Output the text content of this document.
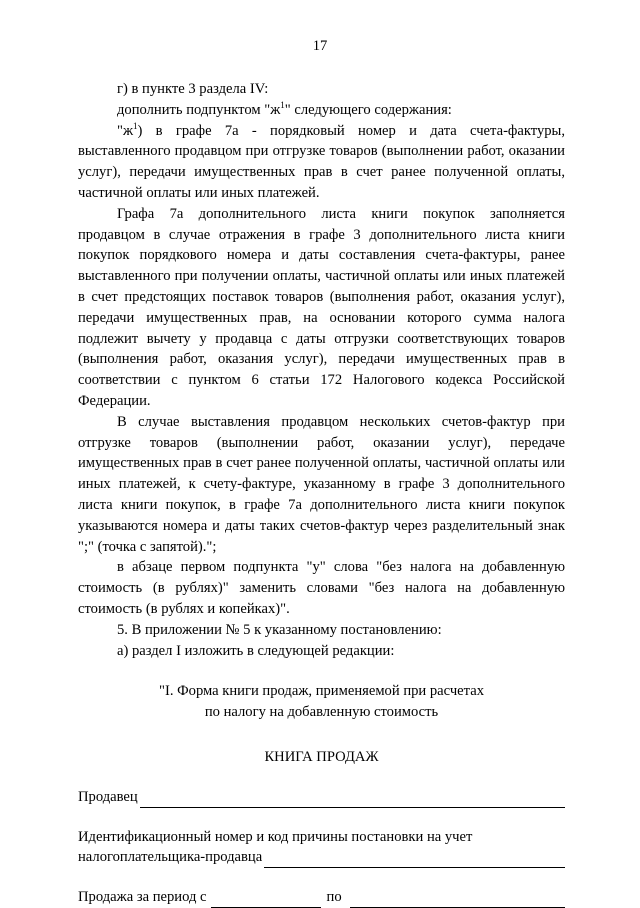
17

г) в пункте 3 раздела IV:

дополнить подпунктом "$ж^1$" следующего содержания:

"$ж^1$) в графе 7а - порядковый номер и дата счета-фактуры, выставленного продавцом при отгрузке товаров (выполнении работ, оказании услуг), передачи имущественных прав в счет ранее полученной оплаты, частичной оплаты или иных платежей.

Графа 7а дополнительного листа книги покупок заполняется продавцом в случае отражения в графе 3 дополнительного листа книги покупок порядкового номера и даты составления счета-фактуры, ранее выставленного при получении оплаты, частичной оплаты или иных платежей в счет предстоящих поставок товаров (выполнения работ, оказания услуг), передачи имущественных прав, на основании которого сумма налога подлежит вычету у продавца с даты отгрузки соответствующих товаров (выполнения работ, оказания услуг), передачи имущественных прав в соответствии с пунктом 6 статьи 172 Налогового кодекса Российской Федерации.

В случае выставления продавцом нескольких счетов-фактур при отгрузке товаров (выполнении работ, оказании услуг), передаче имущественных прав в счет ранее полученной оплаты, частичной оплаты или иных платежей, к счету-фактуре, указанному в графе 3 дополнительного листа книги покупок, в графе 7а дополнительного листа книги покупок указываются номера и даты таких счетов-фактур через разделительный знак ";" (точка с запятой).";

в абзаце первом подпункта "у" слова "без налога на добавленную стоимость (в рублях)" заменить словами "без налога на добавленную стоимость (в рублях и копейках)".

5. В приложении № 5 к указанному постановлению:

а) раздел I изложить в следующей редакции:

"I. Форма книги продаж, применяемой при расчетах

по налогу на добавленную стоимость

КНИГА ПРОДАЖ

Продавец

Идентификационный номер и код причины постановки на учет

налогоплательщика-продавца
Продажа за период с	по
